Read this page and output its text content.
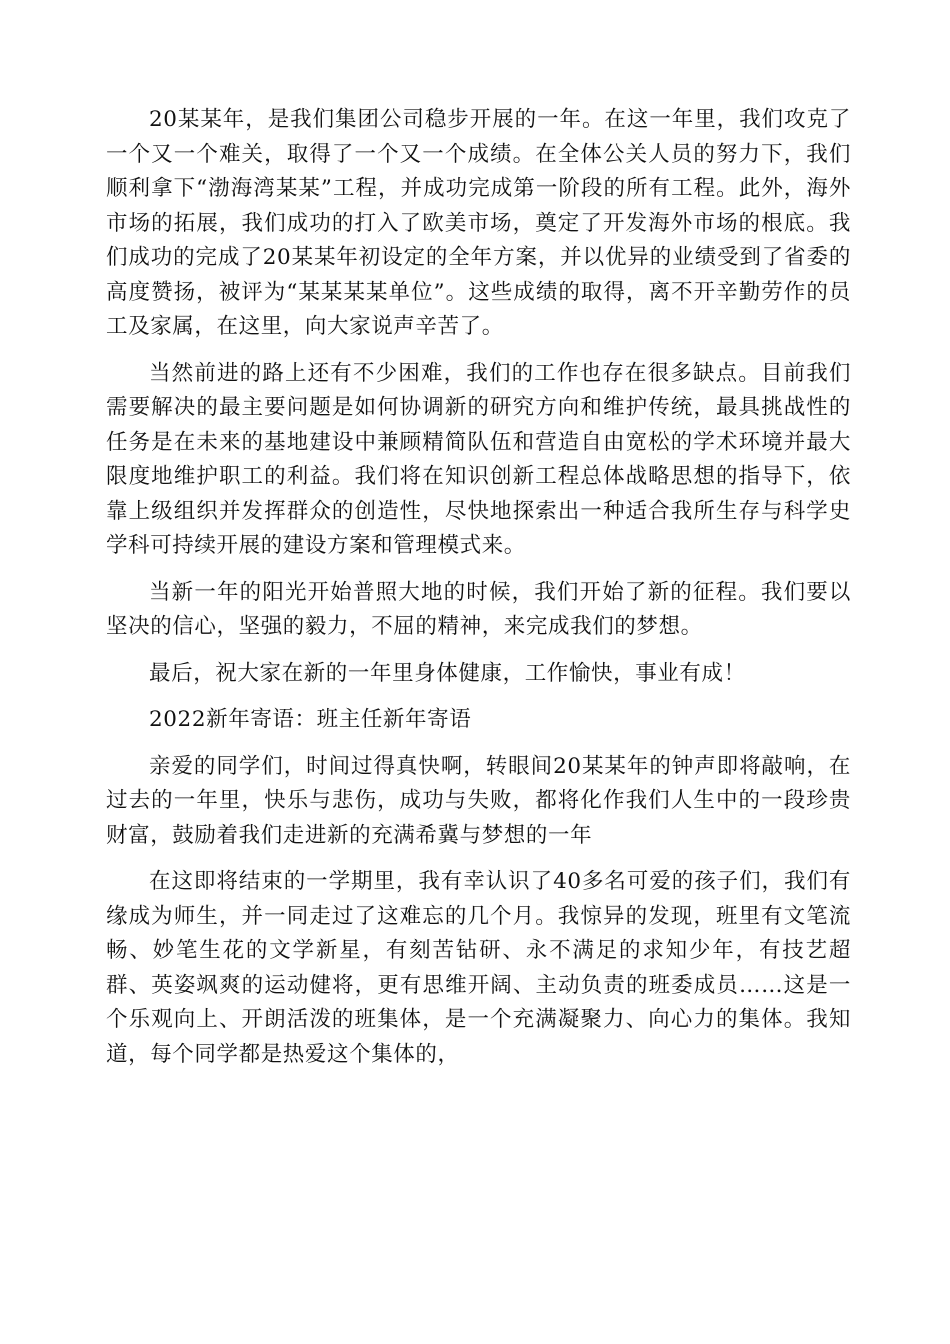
20某某年，是我们集团公司稳步开展的一年。在这一年里，我们攻克了一个又一个难关，取得了一个又一个成绩。在全体公关人员的努力下，我们顺利拿下“渤海湾某某”工程，并成功完成第一阶段的所有工程。此外，海外市场的拓展，我们成功的打入了欧美市场，奠定了开发海外市场的根底。我们成功的完成了20某某年初设定的全年方案，并以优异的业绩受到了省委的高度赞扬，被评为“某某某某单位”。这些成绩的取得，离不开辛勤劳作的员工及家属，在这里，向大家说声辛苦了。

当然前进的路上还有不少困难，我们的工作也存在很多缺点。目前我们需要解决的最主要问题是如何协调新的研究方向和维护传统，最具挑战性的任务是在未来的基地建设中兼顾精简队伍和营造自由宽松的学术环境并最大限度地维护职工的利益。我们将在知识创新工程总体战略思想的指导下，依靠上级组织并发挥群众的创造性，尽快地探索出一种适合我所生存与科学史学科可持续开展的建设方案和管理模式来。

当新一年的阳光开始普照大地的时候，我们开始了新的征程。我们要以坚决的信心，坚强的毅力，不屈的精神，来完成我们的梦想。

最后，祝大家在新的一年里身体健康，工作愉快，事业有成！

2022新年寄语：班主任新年寄语

亲爱的同学们，时间过得真快啊，转眼间20某某年的钟声即将敲响，在过去的一年里，快乐与悲伤，成功与失败，都将化作我们人生中的一段珍贵财富，鼓励着我们走进新的充满希冀与梦想的一年

在这即将结束的一学期里，我有幸认识了40多名可爱的孩子们，我们有缘成为师生，并一同走过了这难忘的几个月。我惊异的发现，班里有文笔流畅、妙笔生花的文学新星，有刻苦钻研、永不满足的求知少年，有技艺超群、英姿飒爽的运动健将，更有思维开阔、主动负责的班委成员……这是一个乐观向上、开朗活泼的班集体，是一个充满凝聚力、向心力的集体。我知道，每个同学都是热爱这个集体的，
